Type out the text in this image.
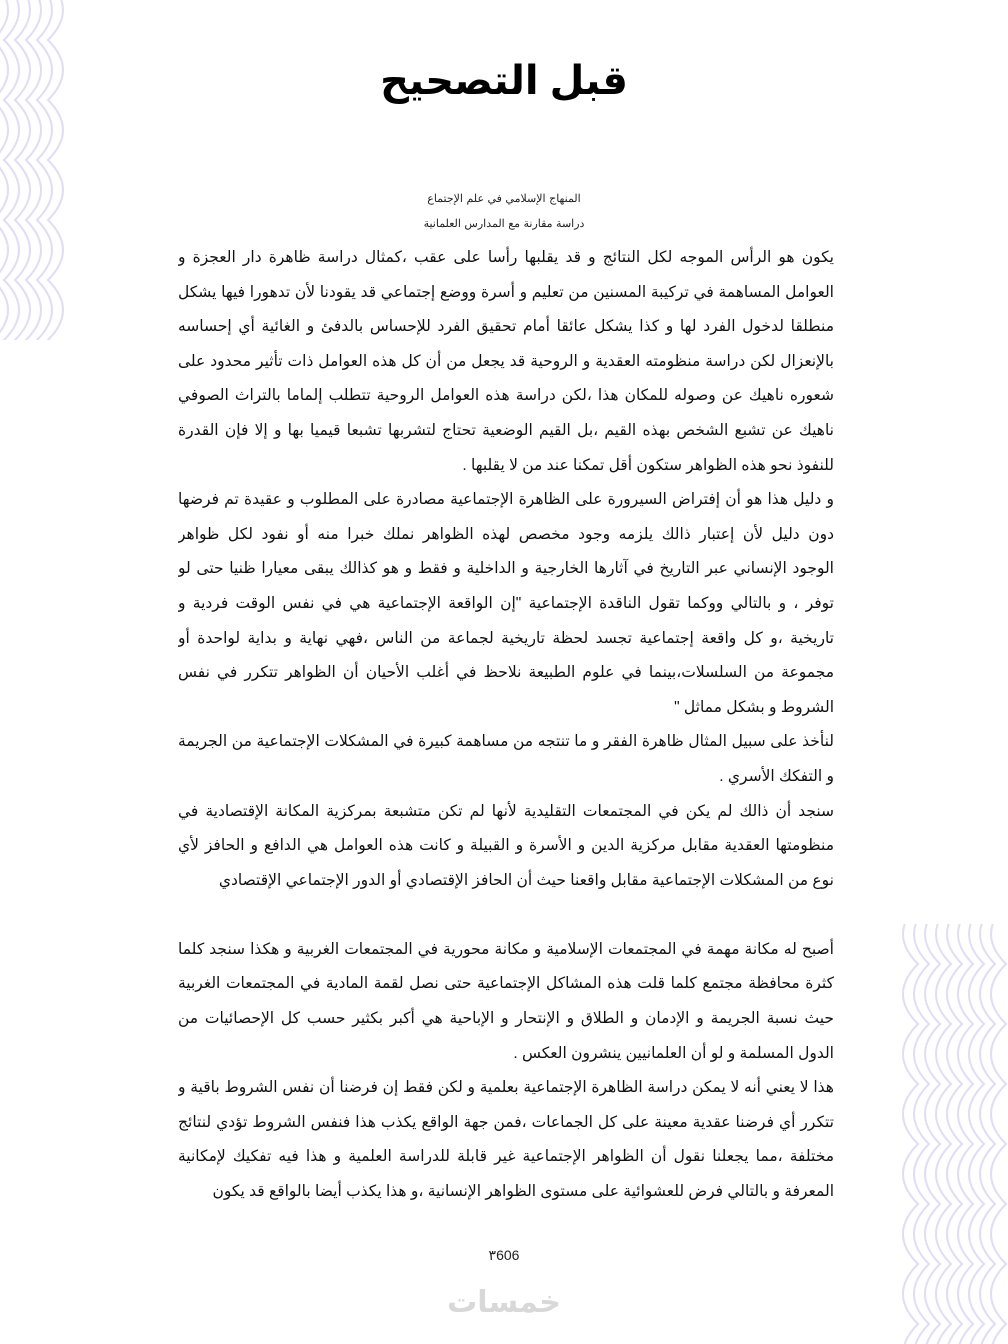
قبل التصحيح
المنهاج الإسلامي في علم الإجتماع
دراسة مقارنة مع المدارس العلمانية
يكون هو الرأس الموجه لكل النتائج و قد يقلبها رأسا على عقب ،كمثال دراسة ظاهرة دار العجزة و
العوامل المساهمة في تركيبة المسنين من تعليم و أسرة ووضع إجتماعي قد يقودنا لأن تدهورا فيها يشكل
منطلقا لدخول الفرد لها و كذا يشكل عائقا أمام تحقيق الفرد للإحساس بالدفئ و الغائية أي إحساسه
بالإنعزال لكن دراسة منظومته العقدية و الروحية قد يجعل من أن كل هذه العوامل ذات تأثير محدود على
شعوره ناهيك عن وصوله للمكان هذا ،لكن دراسة هذه العوامل الروحية تتطلب إلماما بالتراث الصوفي
ناهيك عن تشبع الشخص بهذه القيم ،بل القيم الوضعية تحتاج لتشربها تشبعا قيميا بها و إلا فإن القدرة
للنفوذ نحو هذه الظواهر ستكون أقل تمكنا عند من لا يقلبها .
و دليل هذا هو أن إفتراض السيرورة على الظاهرة الإجتماعية مصادرة على المطلوب و عقيدة تم فرضها
دون دليل لأن إعتبار ذالك يلزمه وجود مخصص لهذه الظواهر نملك خبرا منه أو نفود لكل ظواهر
الوجود الإنساني عبر التاريخ في آثارها الخارجية و الداخلية و فقط و هو كذالك يبقى معيارا ظنيا حتى لو
توفر ، و بالتالي ووكما تقول الناقدة الإجتماعية "إن الواقعة الإجتماعية هي في نفس الوقت فردية و
تاريخية ،و كل واقعة إجتماعية تجسد لحظة تاريخية لجماعة من الناس ،فهي نهاية و بداية لواحدة أو
مجموعة من السلسلات،بينما في علوم الطبيعة نلاحظ في أغلب الأحيان أن الظواهر تتكرر في نفس
الشروط و بشكل مماثل "
لنأخذ على سبيل المثال ظاهرة الفقر و ما تنتجه من مساهمة كبيرة في المشكلات الإجتماعية من الجريمة
و التفكك الأسري .
سنجد أن ذالك لم يكن في المجتمعات التقليدية لأنها لم تكن متشبعة بمركزية المكانة الإقتصادية في
منظومتها العقدية مقابل مركزية الدين و الأسرة و القبيلة و كانت هذه العوامل هي الدافع و الحافز لأي
نوع من المشكلات الإجتماعية مقابل واقعنا حيث أن الحافز الإقتصادي أو الدور الإجتماعي الإقتصادي
أصبح له مكانة مهمة في المجتمعات الإسلامية و مكانة محورية في المجتمعات الغربية و هكذا سنجد كلما
كثرة محافظة مجتمع كلما قلت هذه المشاكل الإجتماعية حتى نصل لقمة المادية في المجتمعات الغربية
حيث نسبة الجريمة و الإدمان و الطلاق و الإنتحار و الإباحية هي أكبر بكثير حسب كل الإحصائيات من
الدول المسلمة و لو أن العلمانيين ينشرون العكس .
هذا لا يعني أنه لا يمكن دراسة الظاهرة الإجتماعية بعلمية و لكن فقط إن فرضنا أن نفس الشروط باقية و
تتكرر أي فرضنا عقدية معينة على كل الجماعات ،فمن جهة الواقع يكذب هذا فنفس الشروط تؤدي لنتائج
مختلفة ،مما يجعلنا نقول أن الظواهر الإجتماعية غير قابلة للدراسة العلمية و هذا فيه تفكيك لإمكانية
المعرفة و بالتالي فرض للعشوائية على مستوى الظواهر الإنسانية ،و هذا يكذب أيضا بالواقع قد يكون
٣606
خمسات
